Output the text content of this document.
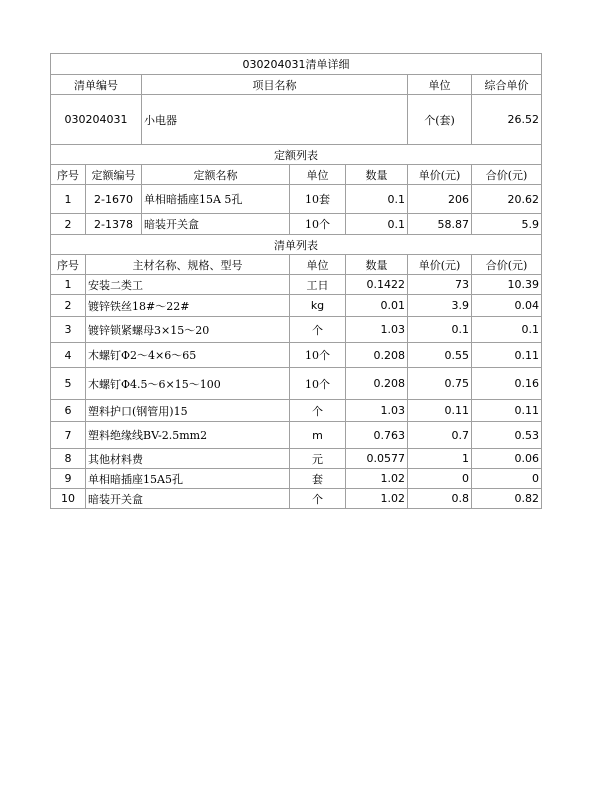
030204031清单详细						
清单编号		项目名称			单位	综合单价
030204031		小电器			个(套)	26.52
定额列表						
序号	定额编号	定额名称	单位	数量	单价(元)	合价(元)
1	2-1670	单相暗插座15A 5孔	10套	0.1	206	20.62
2	2-1378	暗装开关盒	10个	0.1	58.87	5.9
清单列表						
序号	主材名称、规格、型号		单位	数量	单价(元)	合价(元)
1	安装二类工		工日	0.1422	73	10.39
2	镀锌铁丝18#～22#		kg	0.01	3.9	0.04
3	镀锌锁紧螺母3×15～20		个	1.03	0.1	0.1
4	木螺钉Φ2～4×6～65		10个	0.208	0.55	0.11
5	木螺钉Φ4.5～6×15～100		10个	0.208	0.75	0.16
6	塑料护口(钢管用)15		个	1.03	0.11	0.11
7	塑料绝缘线BV-2.5mm2		m	0.763	0.7	0.53
8	其他材料费		元	0.0577	1	0.06
9	单相暗插座15A5孔		套	1.02	0	0
10	暗装开关盒		个	1.02	0.8	0.82
